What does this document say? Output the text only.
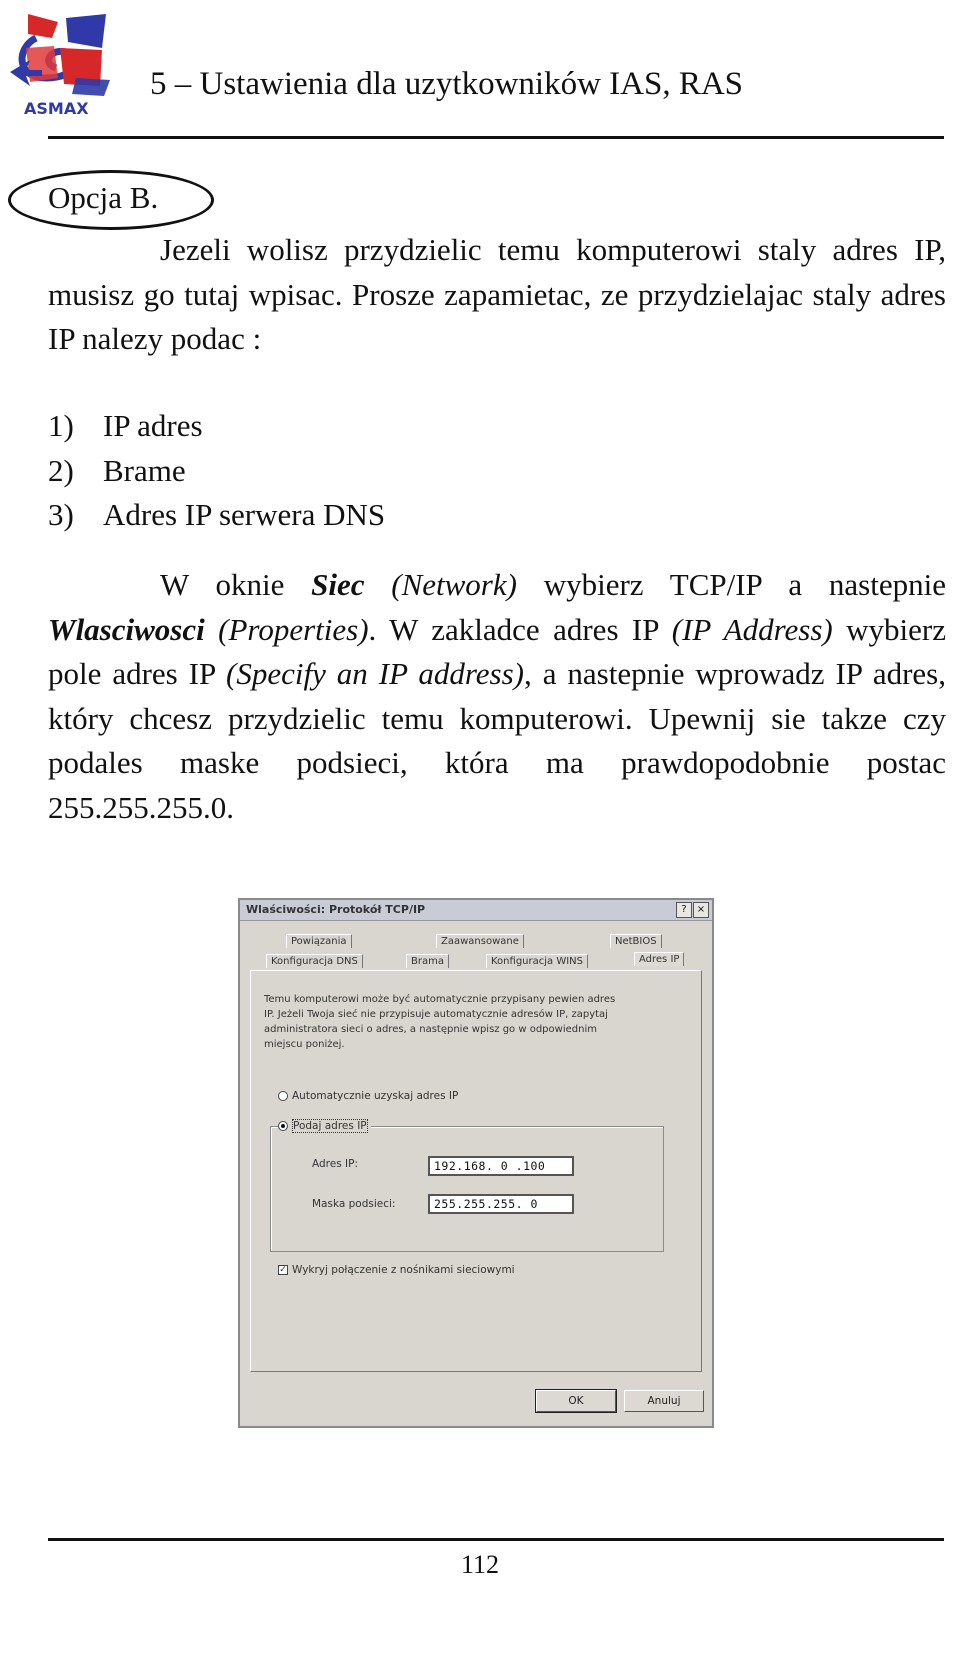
ASMAX
5 – Ustawienia dla uzytkowników IAS, RAS
Opcja B.
Jezeli wolisz przydzielic temu komputerowi staly adres IP, musisz go tutaj wpisac. Prosze zapamietac, ze przydzielajac staly adres IP nalezy podac :
1) IP adres
2) Brame
3) Adres IP serwera DNS
W oknie Siec (Network) wybierz TCP/IP a nastepnie Wlasciwosci (Properties). W zakladce adres IP (IP Address) wybierz pole adres IP (Specify an IP address), a nastepnie wprowadz IP adres, który chcesz przydzielic temu komputerowi. Upewnij sie takze czy podales maske podsieci, która ma prawdopodobnie postac 255.255.255.0.
Wlaściwości: Protokół TCP/IP	?	×
Powiązania	Zaawansowane	NetBIOS
Konfiguracja DNS	Brama	Konfiguracja WINS	Adres IP
Temu komputerowi może być automatycznie przypisany pewien adres IP. Jeżeli Twoja sieć nie przypisuje automatycznie adresów IP, zapytaj administratora sieci o adres, a następnie wpisz go w odpowiednim miejscu poniżej.
Automatycznie uzyskaj adres IP
Podaj adres IP
Adres IP:	192.168. 0 .100
Maska podsieci:	255.255.255. 0
✓ Wykryj połączenie z nośnikami sieciowymi
OK	Anuluj
112
